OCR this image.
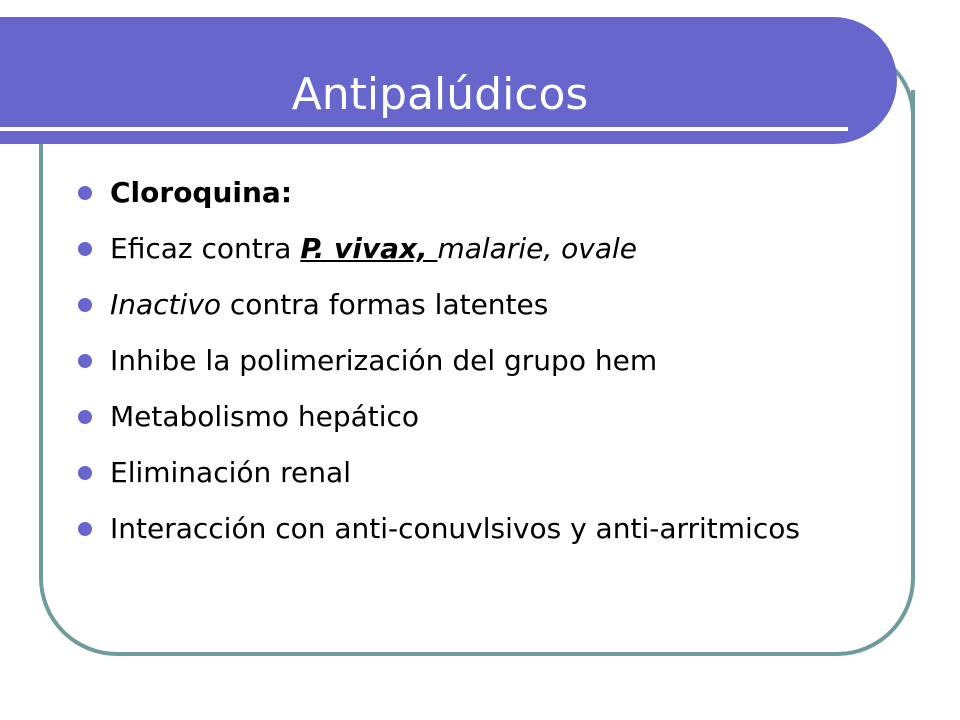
Antipalúdicos
Cloroquina:
Eficaz contra P. vivax, malarie, ovale
Inactivo contra formas latentes
Inhibe la polimerización del grupo hem
Metabolismo hepático
Eliminación renal
Interacción con anti-conuvlsivos y anti-arritmicos
